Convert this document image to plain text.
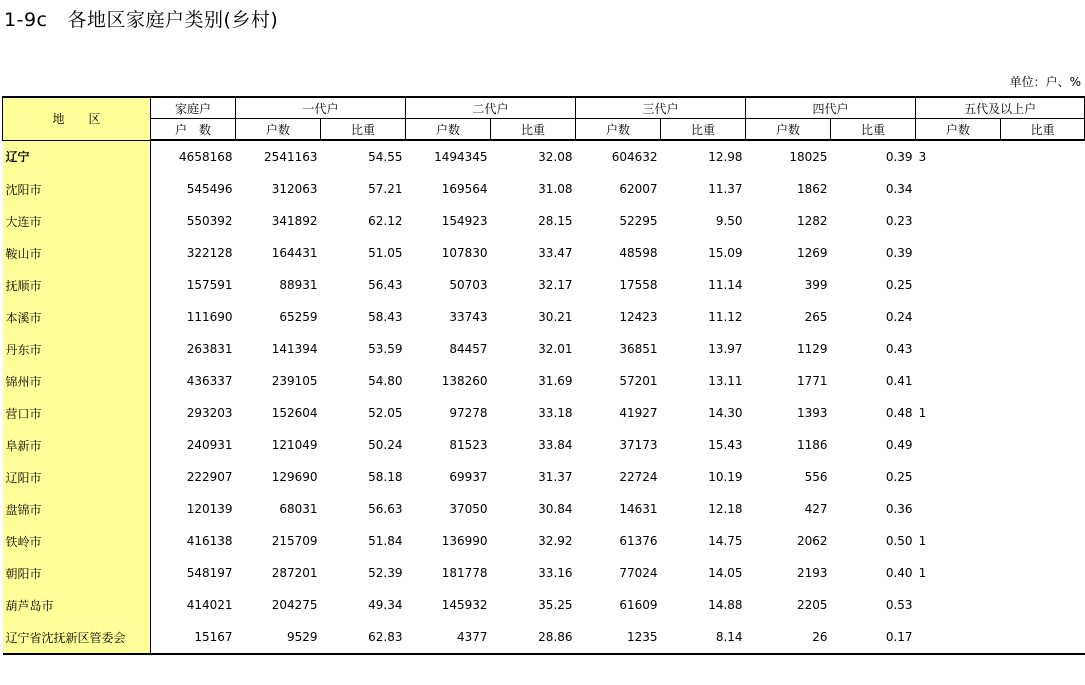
1-9c 各地区家庭户类别(乡村)
单位：户、%
地　　区	家庭户	一代户		二代户		三代户		四代户		五代及以上户	
	户　数	户数	比重	户数	比重	户数	比重	户数	比重	户数	比重
辽宁	4658168	2541163	54.55	1494345	32.08	604632	12.98	18025	0.39	3	
沈阳市	545496	312063	57.21	169564	31.08	62007	11.37	1862	0.34		
大连市	550392	341892	62.12	154923	28.15	52295	9.50	1282	0.23		
鞍山市	322128	164431	51.05	107830	33.47	48598	15.09	1269	0.39		
抚顺市	157591	88931	56.43	50703	32.17	17558	11.14	399	0.25		
本溪市	111690	65259	58.43	33743	30.21	12423	11.12	265	0.24		
丹东市	263831	141394	53.59	84457	32.01	36851	13.97	1129	0.43		
锦州市	436337	239105	54.80	138260	31.69	57201	13.11	1771	0.41		
营口市	293203	152604	52.05	97278	33.18	41927	14.30	1393	0.48	1	
阜新市	240931	121049	50.24	81523	33.84	37173	15.43	1186	0.49		
辽阳市	222907	129690	58.18	69937	31.37	22724	10.19	556	0.25		
盘锦市	120139	68031	56.63	37050	30.84	14631	12.18	427	0.36		
铁岭市	416138	215709	51.84	136990	32.92	61376	14.75	2062	0.50	1	
朝阳市	548197	287201	52.39	181778	33.16	77024	14.05	2193	0.40	1	
葫芦岛市	414021	204275	49.34	145932	35.25	61609	14.88	2205	0.53		
辽宁省沈抚新区管委会	15167	9529	62.83	4377	28.86	1235	8.14	26	0.17		
